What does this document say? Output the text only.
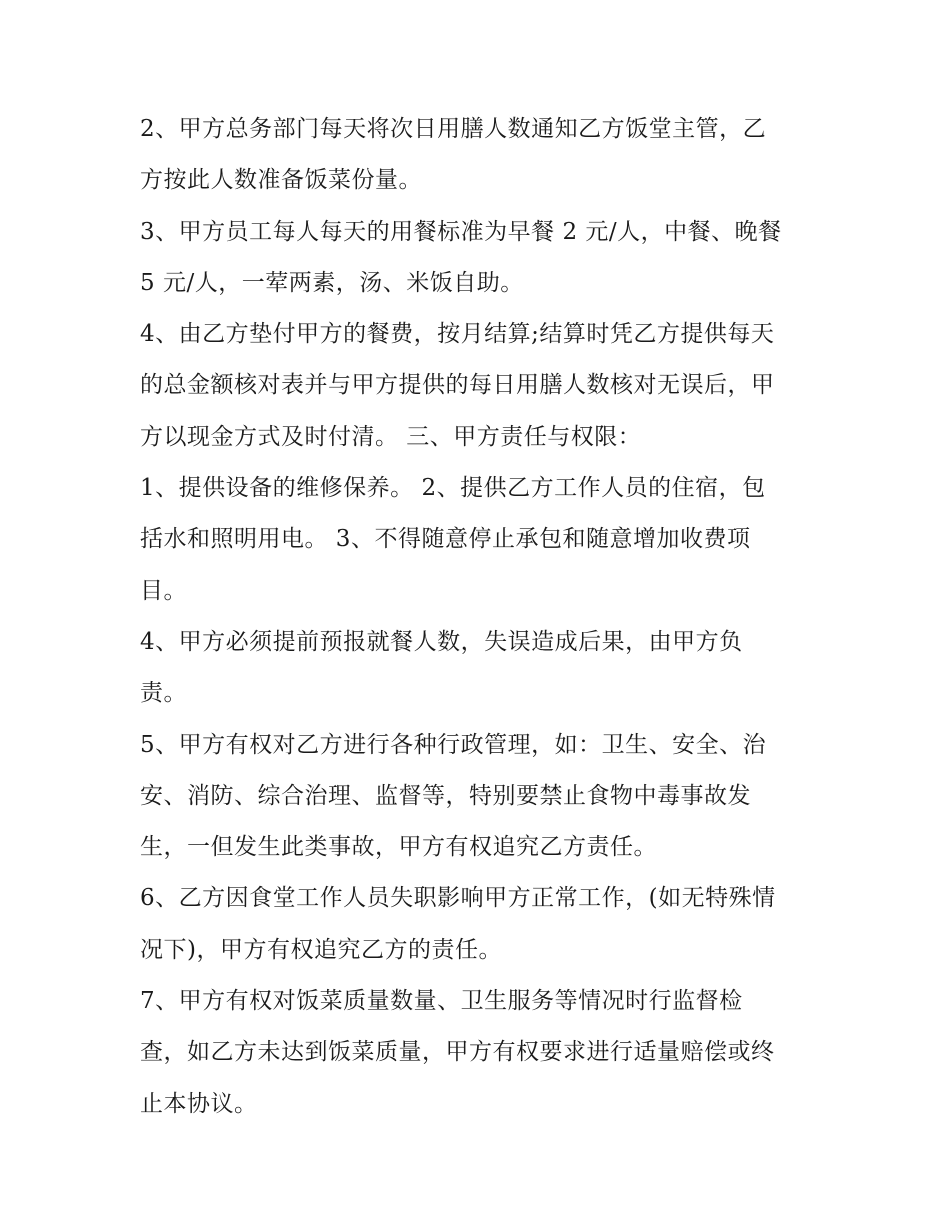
2、甲方总务部门每天将次日用膳人数通知乙方饭堂主管，乙
方按此人数准备饭菜份量。

3、甲方员工每人每天的用餐标准为早餐 2 元/人，中餐、晚餐
5 元/人，一荤两素，汤、米饭自助。

4、由乙方垫付甲方的餐费，按月结算;结算时凭乙方提供每天
的总金额核对表并与甲方提供的每日用膳人数核对无误后，甲
方以现金方式及时付清。 三、甲方责任与权限：

1、提供设备的维修保养。 2、提供乙方工作人员的住宿，包
括水和照明用电。 3、不得随意停止承包和随意增加收费项
目。

4、甲方必须提前预报就餐人数，失误造成后果，由甲方负
责。

5、甲方有权对乙方进行各种行政管理，如：卫生、安全、治
安、消防、综合治理、监督等，特别要禁止食物中毒事故发
生，一但发生此类事故，甲方有权追究乙方责任。

6、乙方因食堂工作人员失职影响甲方正常工作，(如无特殊情
况下)，甲方有权追究乙方的责任。

7、甲方有权对饭菜质量数量、卫生服务等情况时行监督检
查，如乙方未达到饭菜质量，甲方有权要求进行适量赔偿或终
止本协议。
